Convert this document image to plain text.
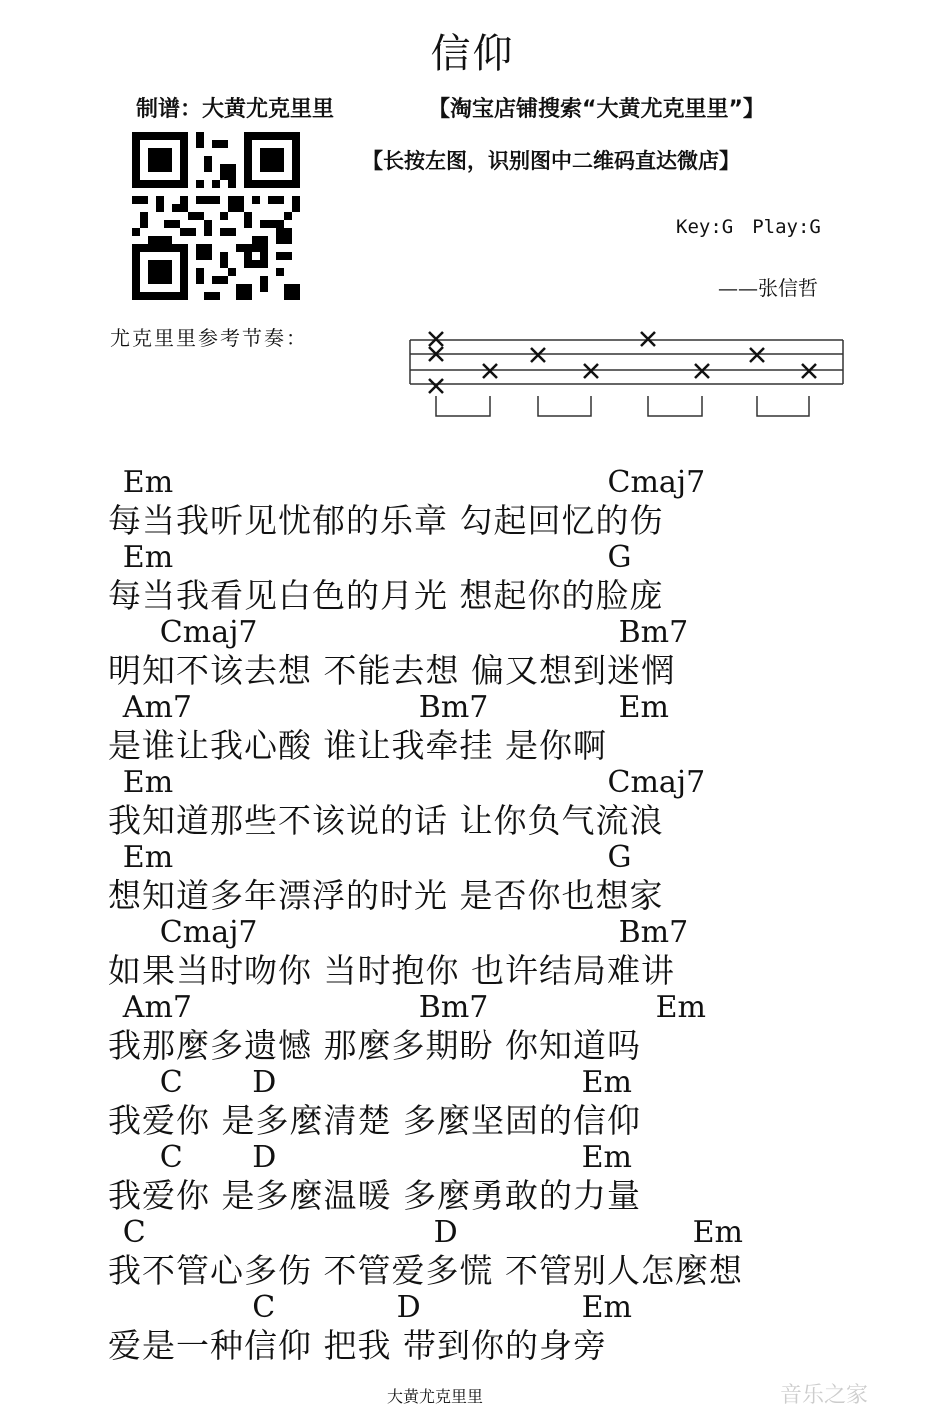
信仰
制谱：大黄尤克里里	【淘宝店铺搜索“大黄尤克里里”】
【长按左图，识别图中二维码直达微店】
Key:G　Play:G
——张信哲
尤克里里参考节奏：
Em	Cmaj7
每当我听见忧郁的乐章 勾起回忆的伤
Em	G
每当我看见白色的月光 想起你的脸庞
Cmaj7	Bm7
明知不该去想 不能去想 偏又想到迷惘
Am7	Bm7	Em
是谁让我心酸 谁让我牵挂 是你啊
Em	Cmaj7
我知道那些不该说的话 让你负气流浪
Em	G
想知道多年漂浮的时光 是否你也想家
Cmaj7	Bm7
如果当时吻你 当时抱你 也许结局难讲
Am7	Bm7	Em
我那麼多遗憾 那麼多期盼 你知道吗
C D	Em
我爱你 是多麼清楚 多麼坚固的信仰
C D	Em
我爱你 是多麼温暖 多麼勇敢的力量
C	D	Em
我不管心多伤 不管爱多慌 不管别人怎麼想
C	D	Em
爱是一种信仰 把我 带到你的身旁
大黄尤克里里	音乐之家
